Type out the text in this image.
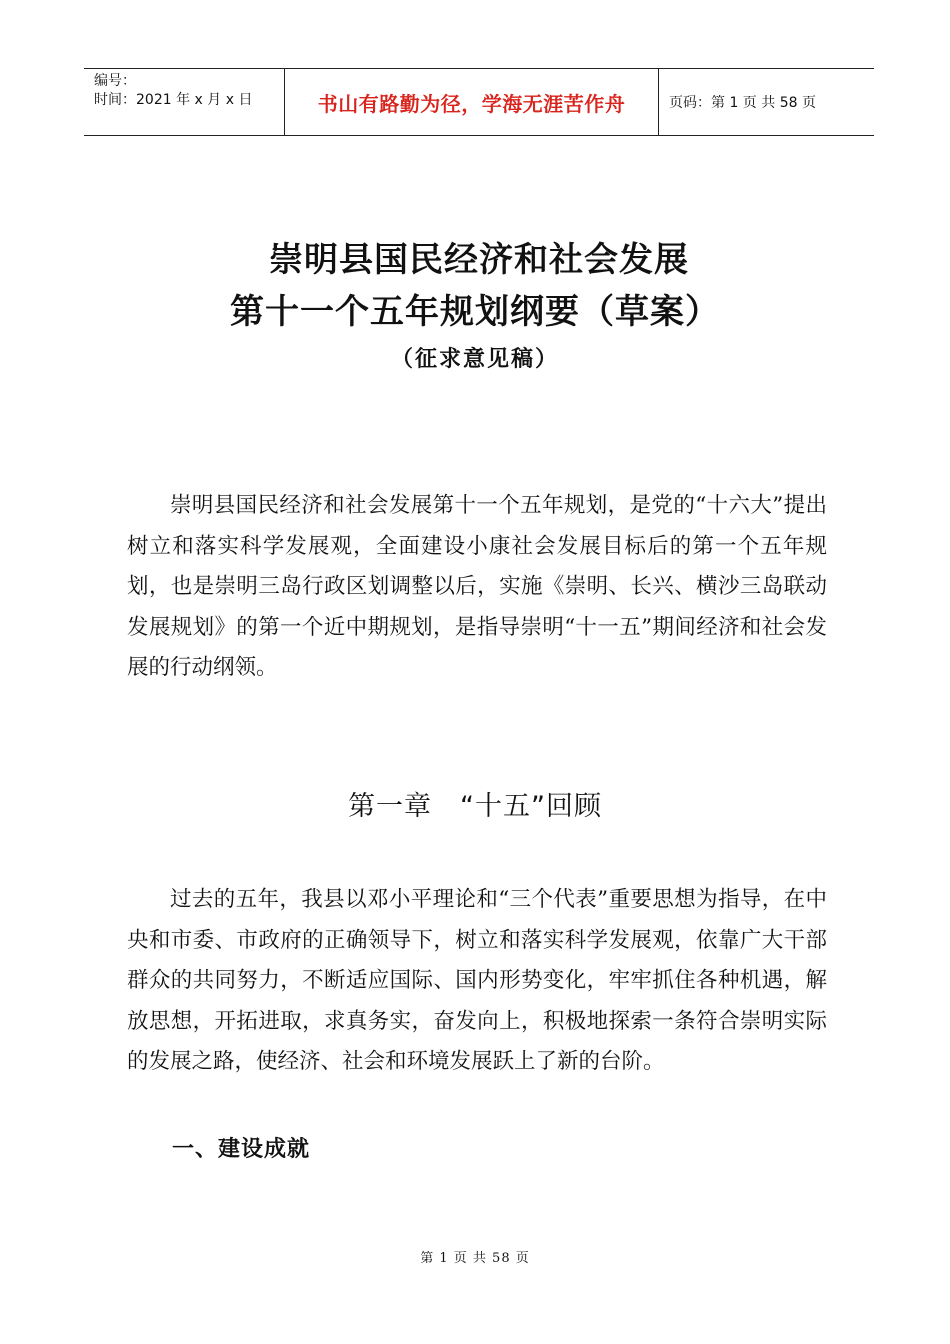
编号：
时间：2021 年 x 月 x 日	书山有路勤为径，学海无涯苦作舟	页码：第 1 页 共 58 页
崇明县国民经济和社会发展
第十一个五年规划纲要（草案）
（征求意见稿）

崇明县国民经济和社会发展第十一个五年规划，是党的“十六大”提出树立和落实科学发展观，全面建设小康社会发展目标后的第一个五年规划，也是崇明三岛行政区划调整以后，实施《崇明、长兴、横沙三岛联动发展规划》的第一个近中期规划，是指导崇明“十一五”期间经济和社会发展的行动纲领。

第一章　“十五”回顾

过去的五年，我县以邓小平理论和“三个代表”重要思想为指导，在中央和市委、市政府的正确领导下，树立和落实科学发展观，依靠广大干部群众的共同努力，不断适应国际、国内形势变化，牢牢抓住各种机遇，解放思想，开拓进取，求真务实，奋发向上，积极地探索一条符合崇明实际的发展之路，使经济、社会和环境发展跃上了新的台阶。

一、建设成就
第 1 页 共 58 页
